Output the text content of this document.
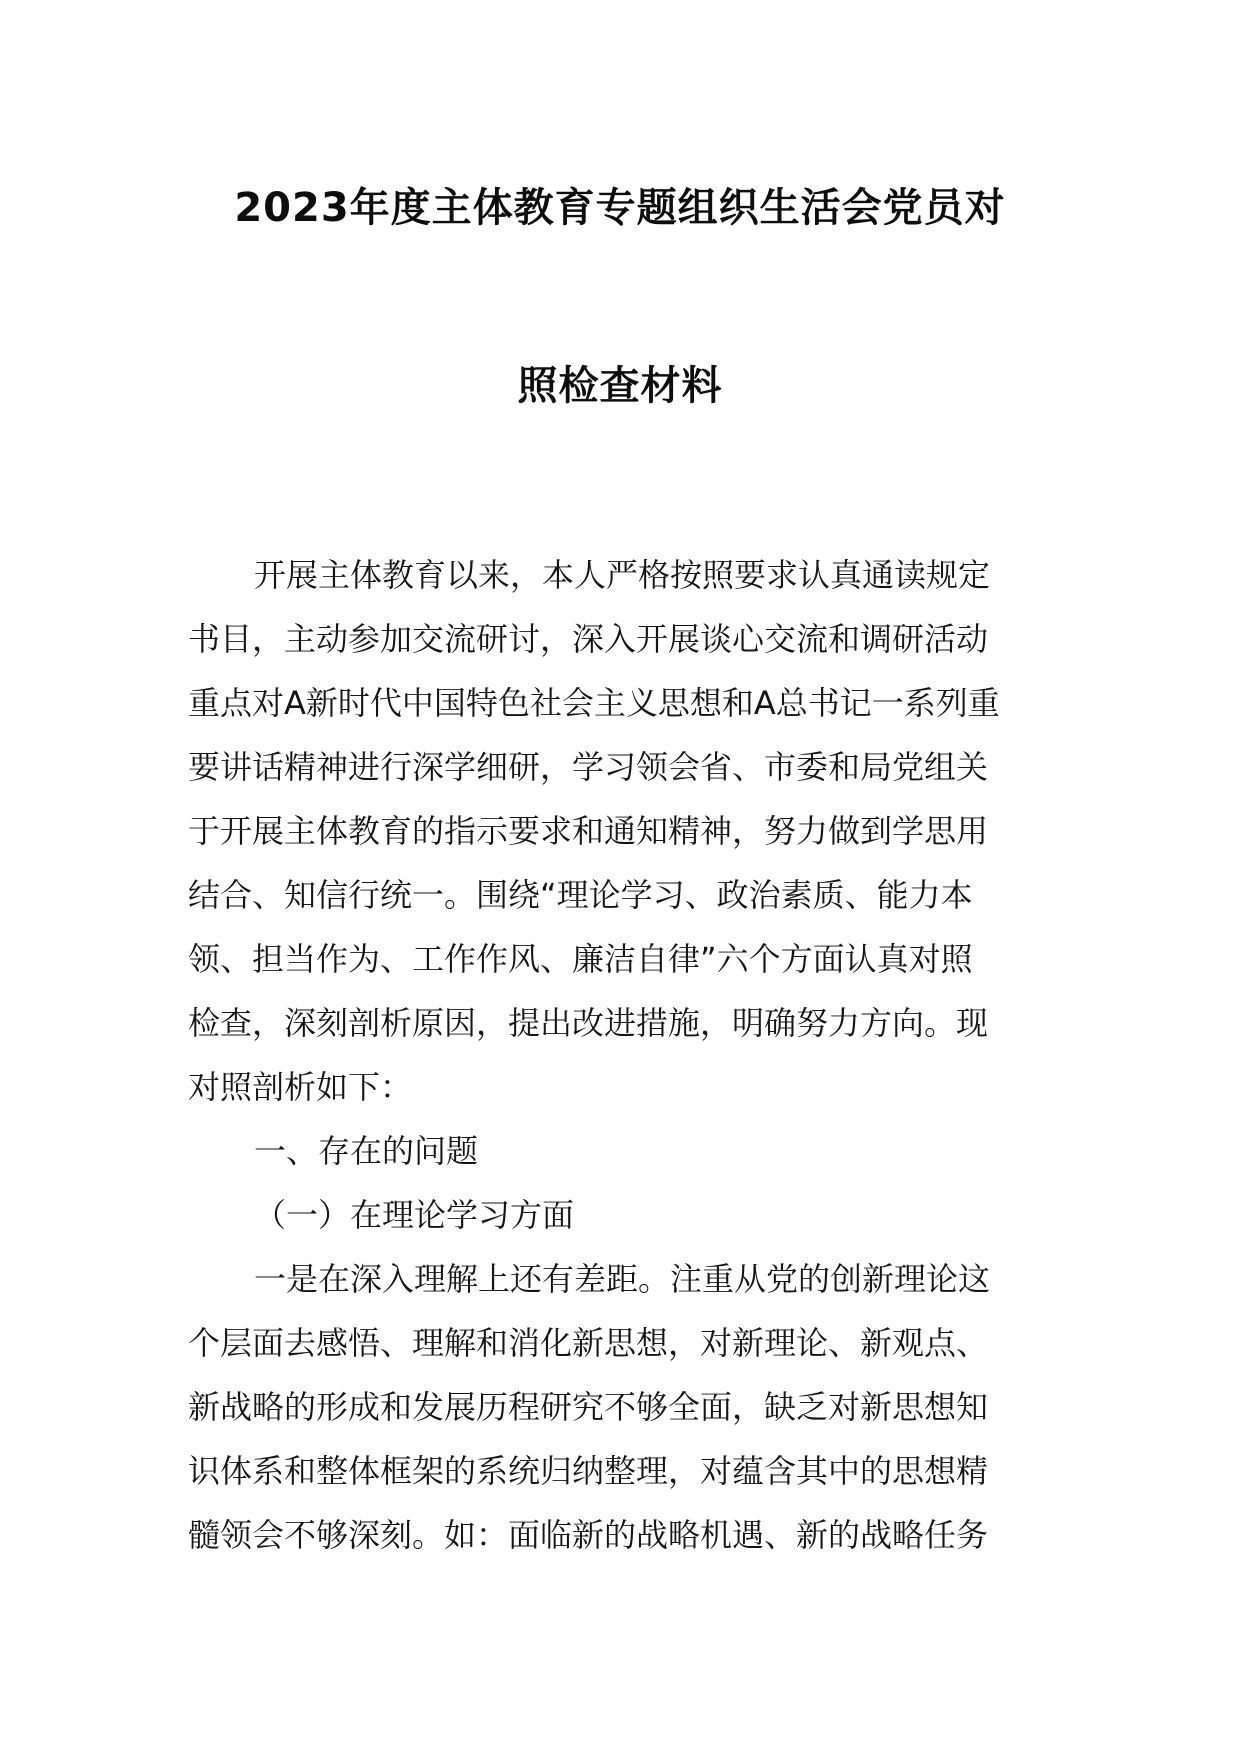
2023年度主体教育专题组织生活会党员对
照检查材料
开展主体教育以来，本人严格按照要求认真通读规定
书目，主动参加交流研讨，深入开展谈心交流和调研活动
重点对A新时代中国特色社会主义思想和A总书记一系列重
要讲话精神进行深学细研，学习领会省、市委和局党组关
于开展主体教育的指示要求和通知精神，努力做到学思用
结合、知信行统一。围绕“理论学习、政治素质、能力本
领、担当作为、工作作风、廉洁自律”六个方面认真对照
检查，深刻剖析原因，提出改进措施，明确努力方向。现
对照剖析如下：
一、存在的问题
（一）在理论学习方面
一是在深入理解上还有差距。注重从党的创新理论这
个层面去感悟、理解和消化新思想，对新理论、新观点、
新战略的形成和发展历程研究不够全面，缺乏对新思想知
识体系和整体框架的系统归纳整理，对蕴含其中的思想精
髓领会不够深刻。如：面临新的战略机遇、新的战略任务
